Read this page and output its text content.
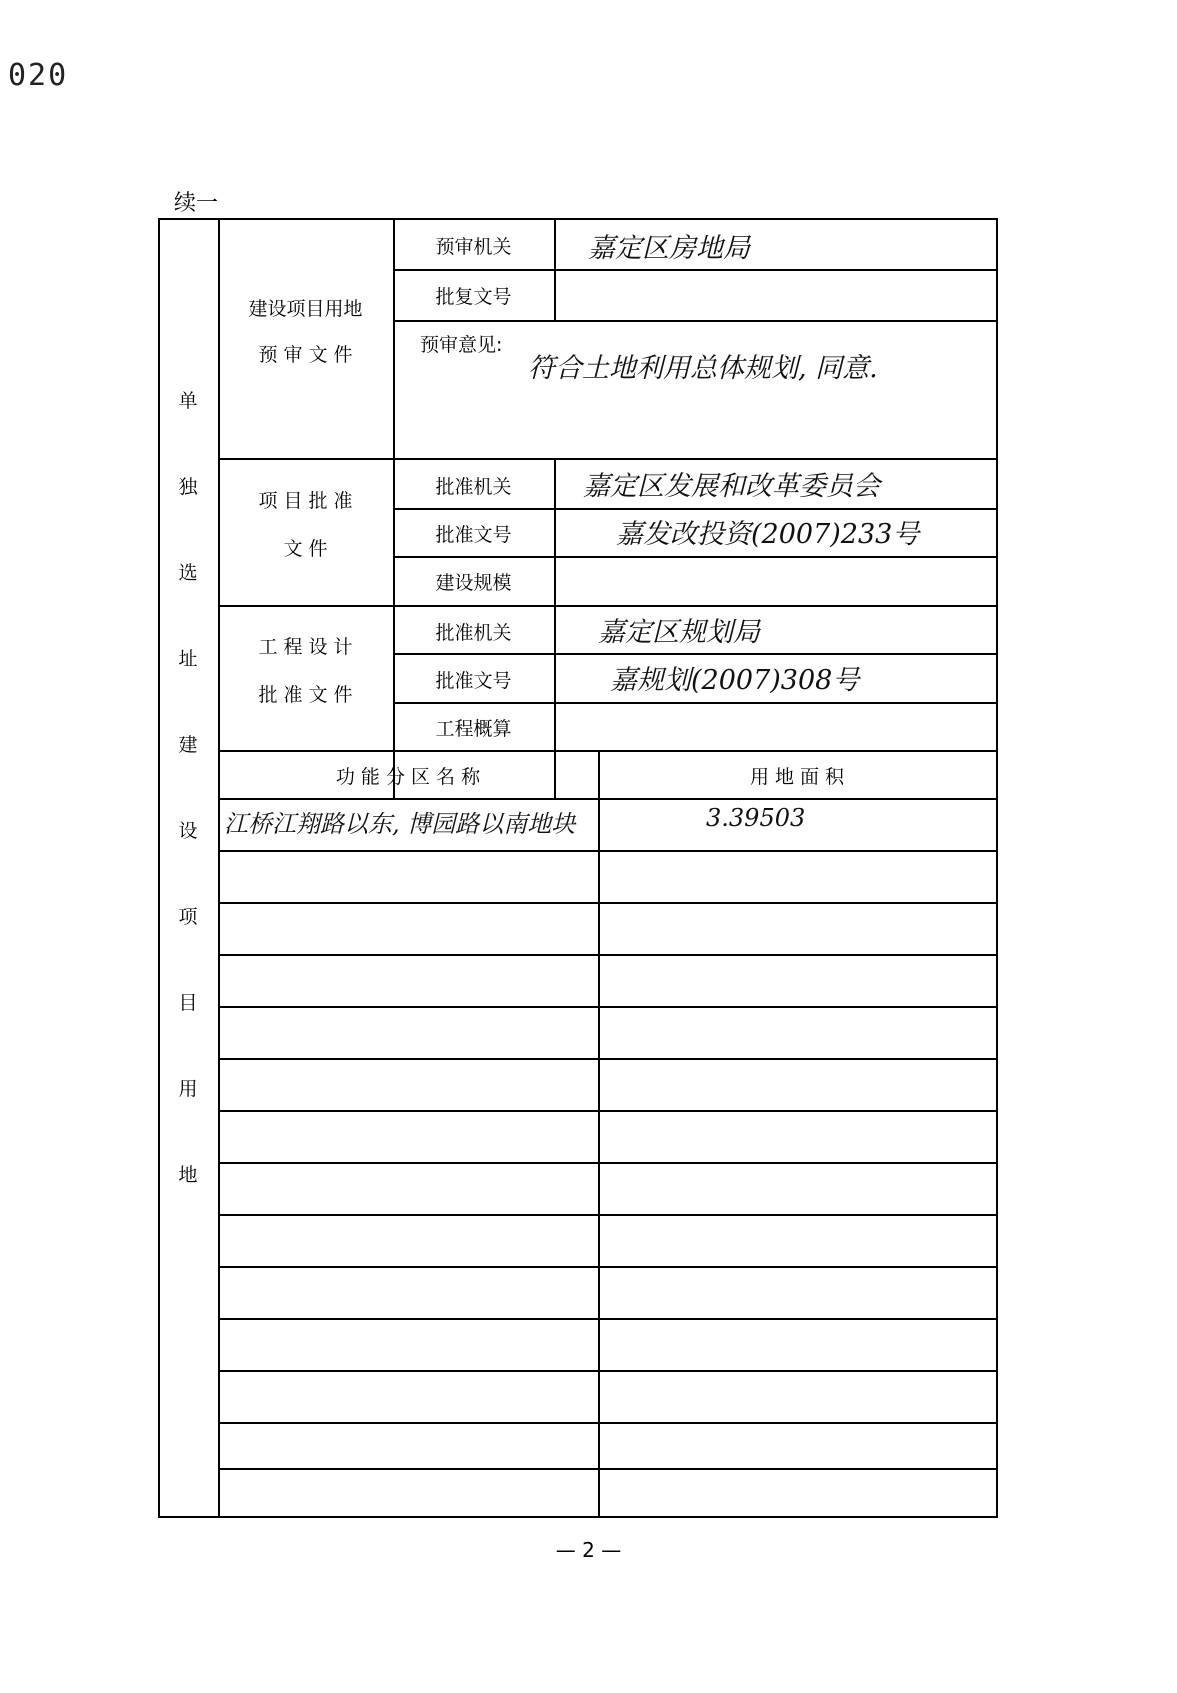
020
续一
单
独
选
址
建
设
项
目
用
地
建设项目用地
预 审 文 件
预审机关	嘉定区房地局
批复文号
预审意见:
符合土地利用总体规划, 同意.
项 目 批 准
文 件
批准机关	嘉定区发展和改革委员会
批准文号	嘉发改投资(2007)233号
建设规模
工 程 设 计
批 准 文 件
批准机关	嘉定区规划局
批准文号	嘉规划(2007)308号
工程概算
功 能 分 区 名 称	用 地 面 积
江桥江翔路以东, 博园路以南地块	3.39503
— 2 —
